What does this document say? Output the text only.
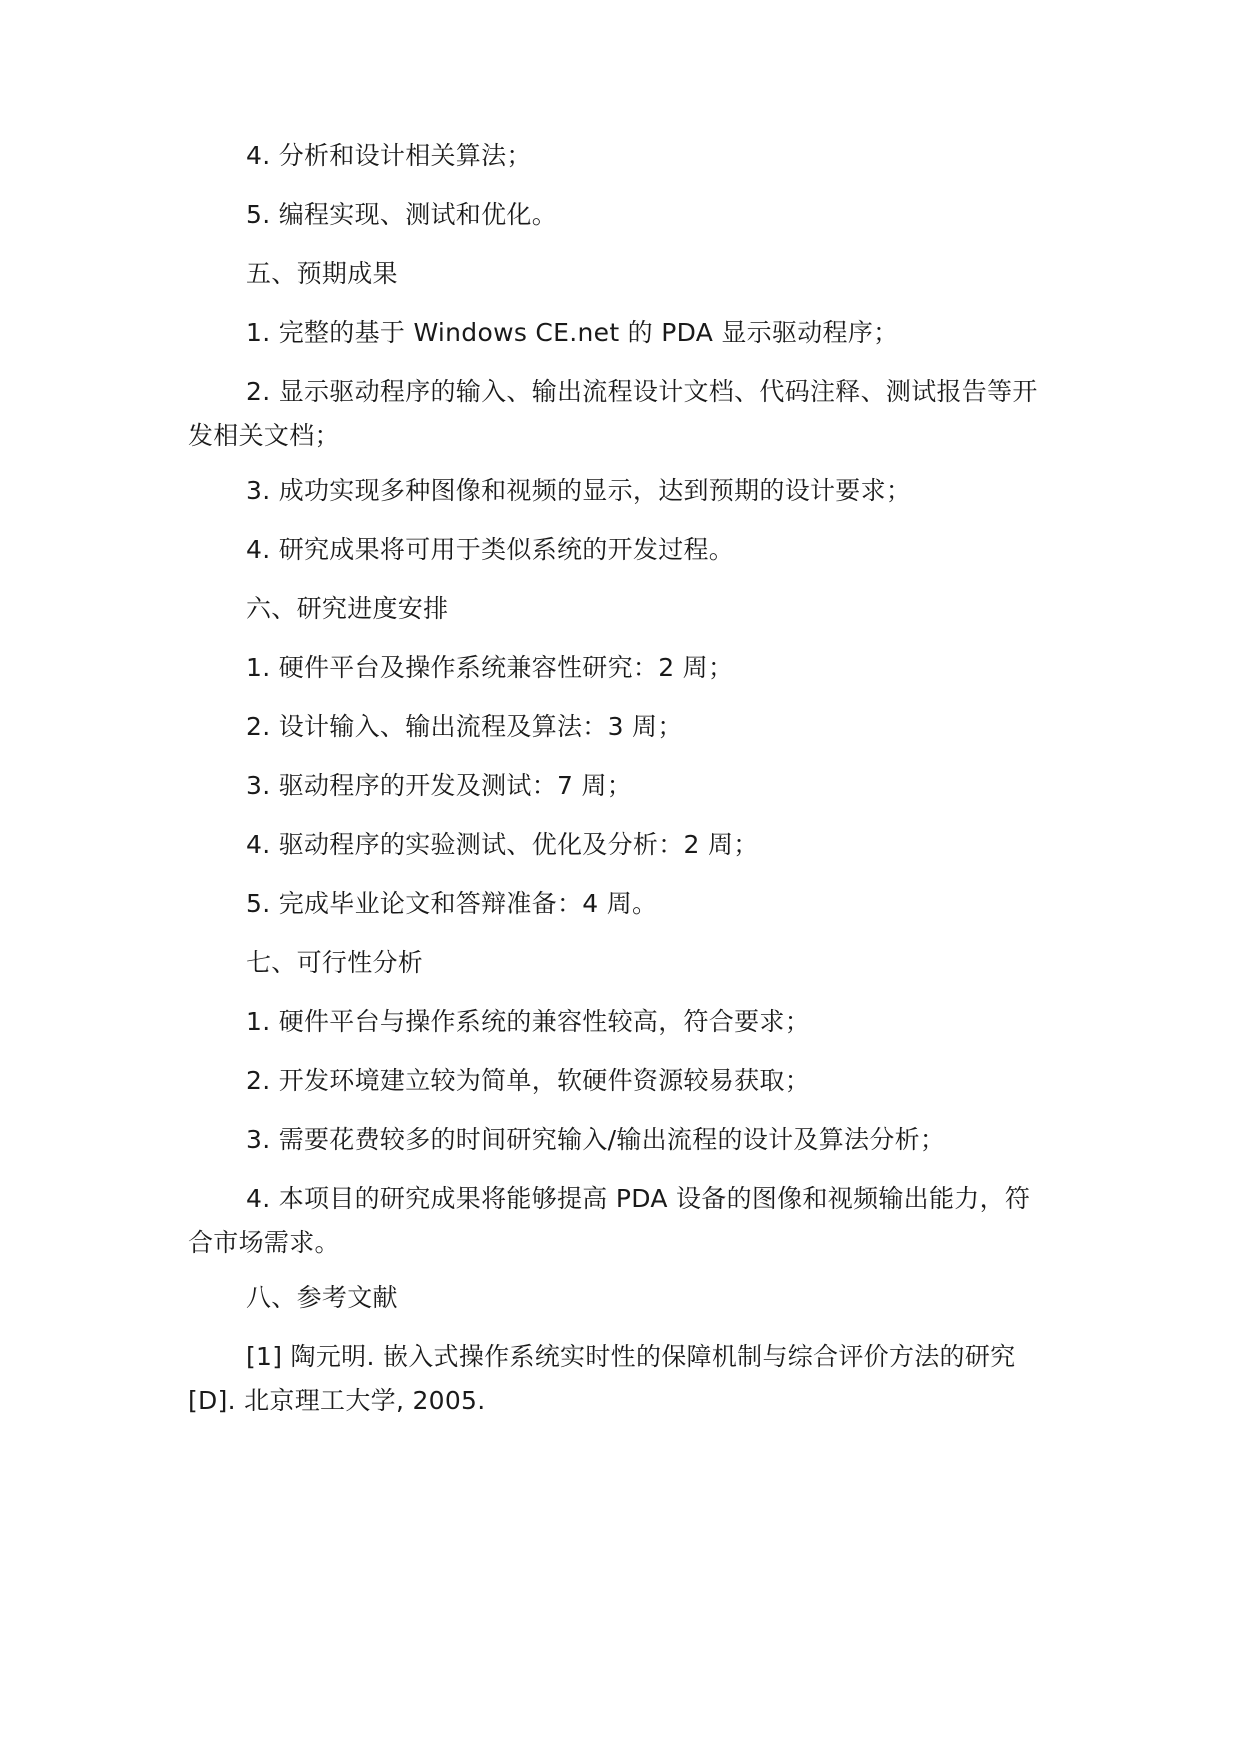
4. 分析和设计相关算法；

5. 编程实现、测试和优化。

五、预期成果

1. 完整的基于 Windows CE.net 的 PDA 显示驱动程序；

2. 显示驱动程序的输入、输出流程设计文档、代码注释、测试报告等开发相关文档；

3. 成功实现多种图像和视频的显示，达到预期的设计要求；

4. 研究成果将可用于类似系统的开发过程。

六、研究进度安排

1. 硬件平台及操作系统兼容性研究：2 周；

2. 设计输入、输出流程及算法：3 周；

3. 驱动程序的开发及测试：7 周；

4. 驱动程序的实验测试、优化及分析：2 周；

5. 完成毕业论文和答辩准备：4 周。

七、可行性分析

1. 硬件平台与操作系统的兼容性较高，符合要求；

2. 开发环境建立较为简单，软硬件资源较易获取；

3. 需要花费较多的时间研究输入/输出流程的设计及算法分析；

4. 本项目的研究成果将能够提高 PDA 设备的图像和视频输出能力，符合市场需求。

八、参考文献

[1] 陶元明. 嵌入式操作系统实时性的保障机制与综合评价方法的研究[D]. 北京理工大学, 2005.
